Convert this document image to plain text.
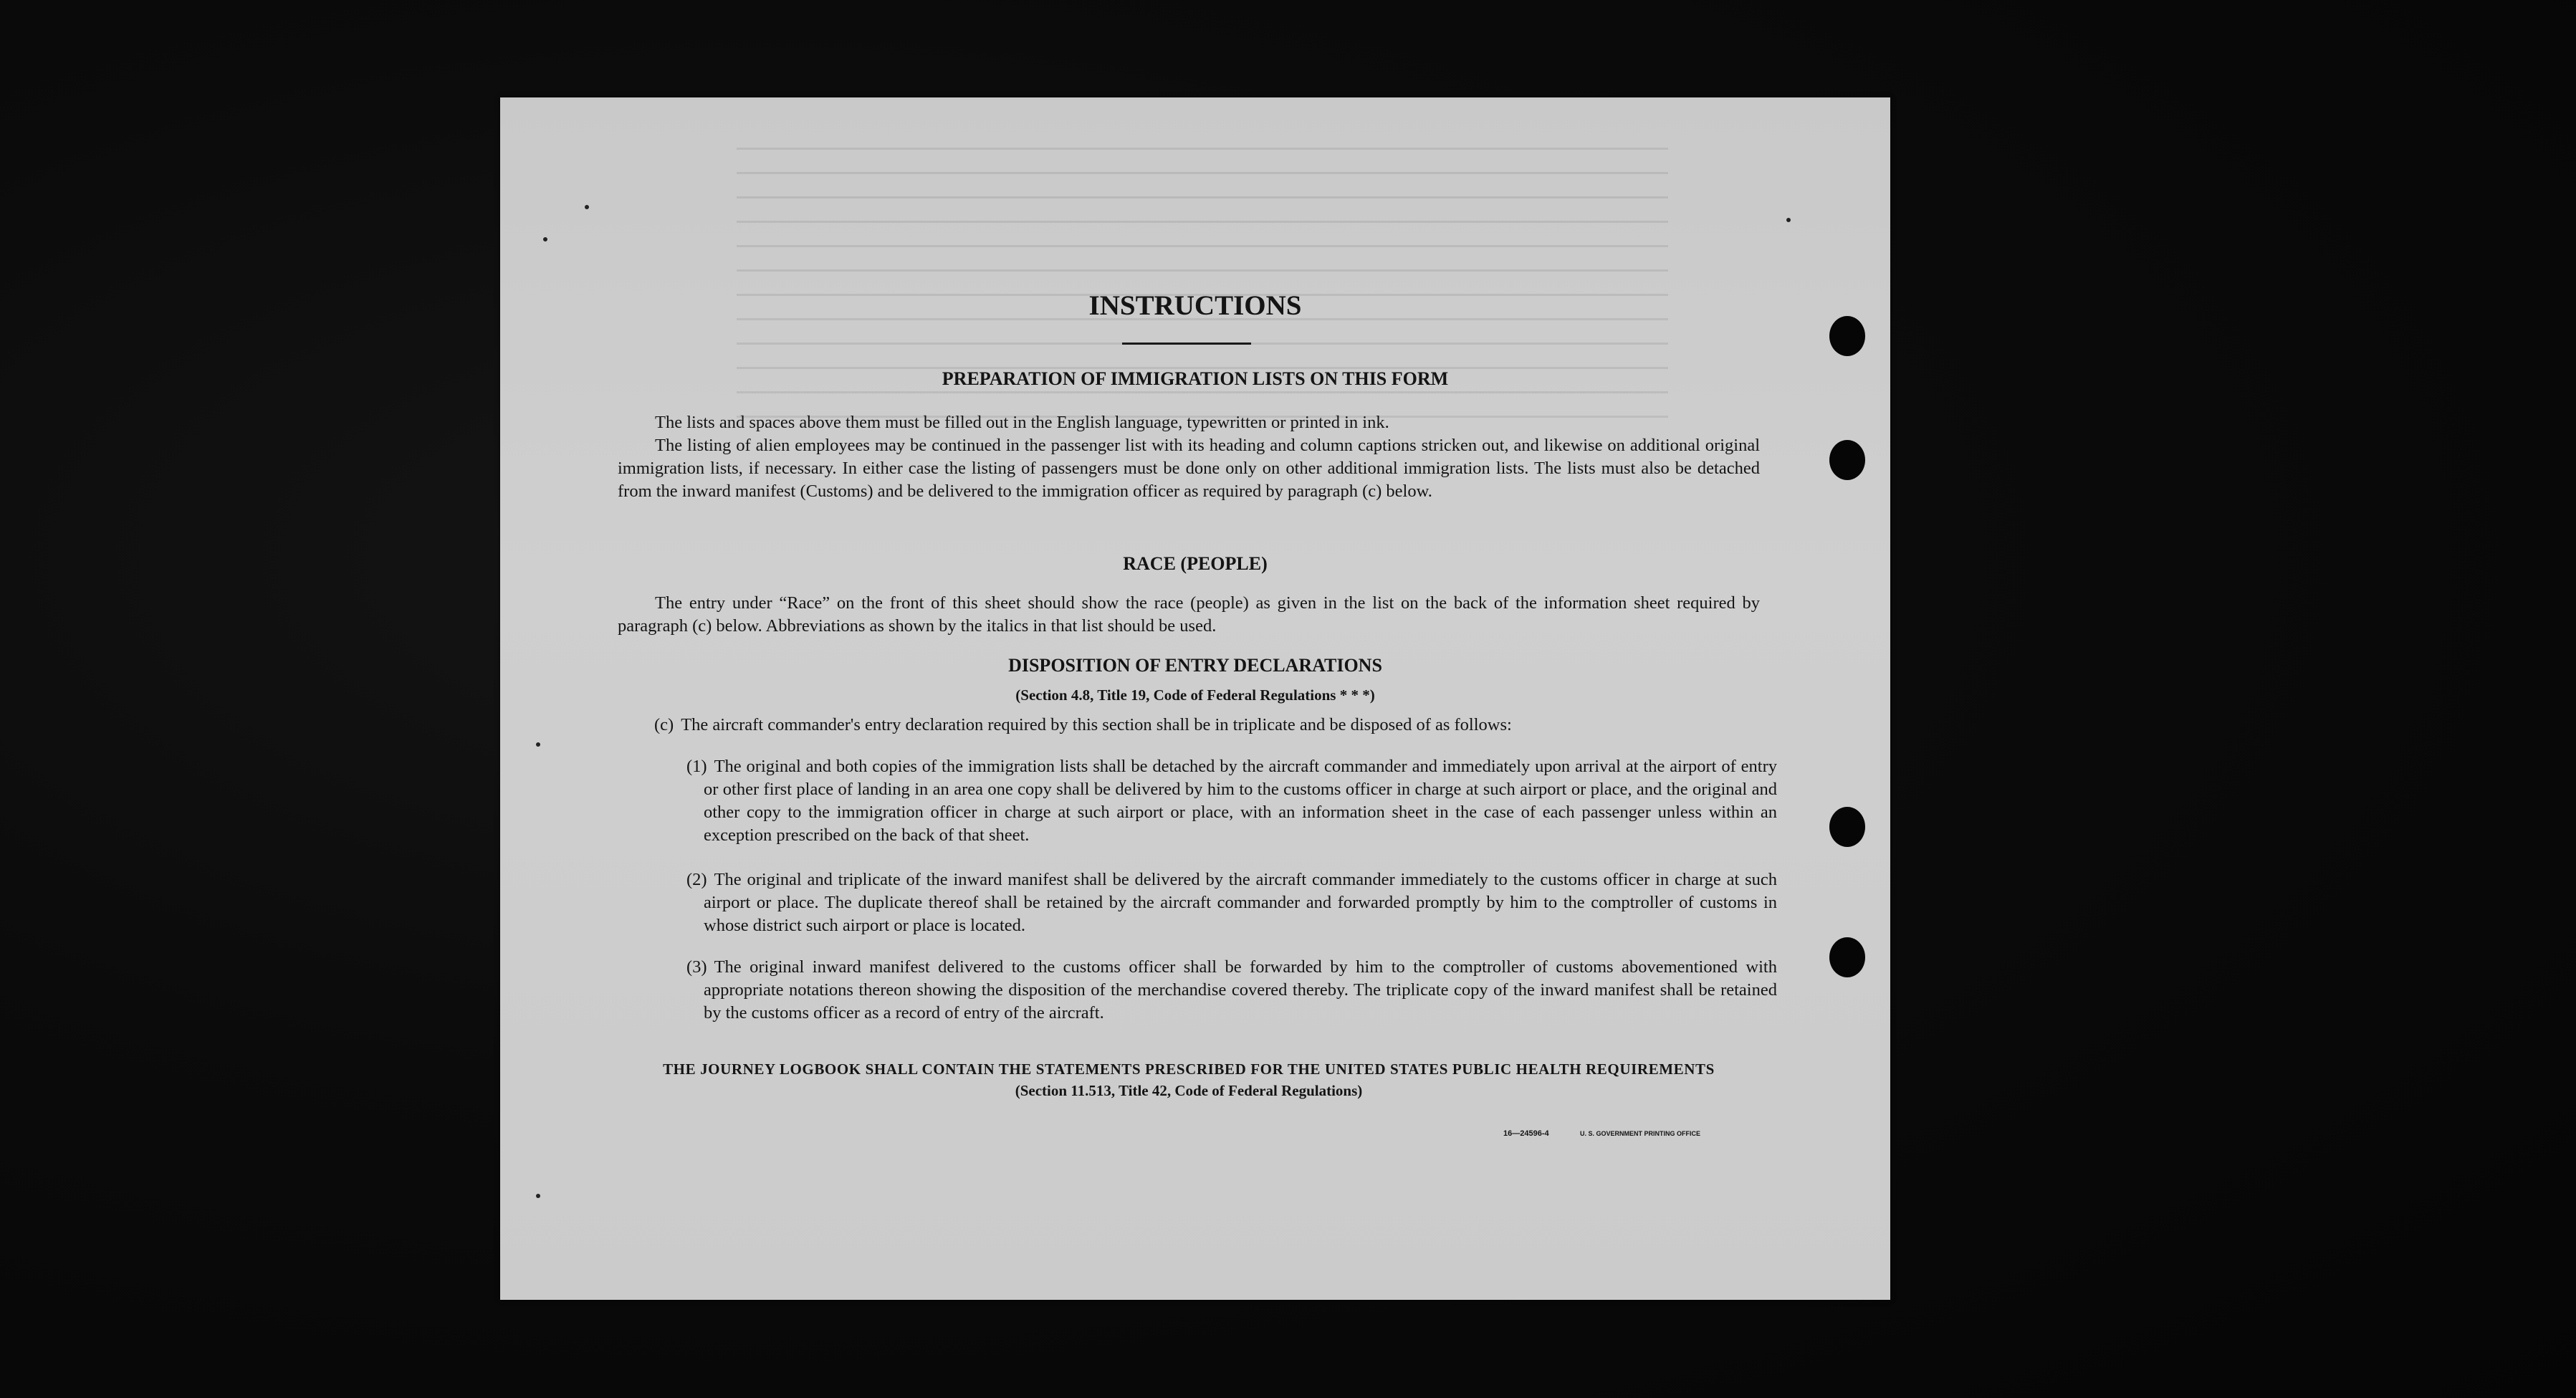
INSTRUCTIONS
PREPARATION OF IMMIGRATION LISTS ON THIS FORM
The lists and spaces above them must be filled out in the English language, typewritten or printed in ink.
The listing of alien employees may be continued in the passenger list with its heading and column captions stricken out, and likewise on additional original immigration lists, if necessary. In either case the listing of passengers must be done only on other additional immigration lists. The lists must also be detached from the inward manifest (Customs) and be delivered to the immigration officer as required by paragraph (c) below.
RACE (PEOPLE)
The entry under “Race” on the front of this sheet should show the race (people) as given in the list on the back of the information sheet required by paragraph (c) below. Abbreviations as shown by the italics in that list should be used.
DISPOSITION OF ENTRY DECLARATIONS
(Section 4.8, Title 19, Code of Federal Regulations * * *)
(c) The aircraft commander's entry declaration required by this section shall be in triplicate and be disposed of as follows:
(1) The original and both copies of the immigration lists shall be detached by the aircraft commander and immediately upon arrival at the airport of entry or other first place of landing in an area one copy shall be delivered by him to the customs officer in charge at such airport or place, and the original and other copy to the immigration officer in charge at such airport or place, with an information sheet in the case of each passenger unless within an exception prescribed on the back of that sheet.
(2) The original and triplicate of the inward manifest shall be delivered by the aircraft commander immediately to the customs officer in charge at such airport or place. The duplicate thereof shall be retained by the aircraft commander and forwarded promptly by him to the comptroller of customs in whose district such airport or place is located.
(3) The original inward manifest delivered to the customs officer shall be forwarded by him to the comptroller of customs abovementioned with appropriate notations thereon showing the disposition of the merchandise covered thereby. The triplicate copy of the inward manifest shall be retained by the customs officer as a record of entry of the aircraft.
THE JOURNEY LOGBOOK SHALL CONTAIN THE STATEMENTS PRESCRIBED FOR THE UNITED STATES PUBLIC HEALTH REQUIREMENTS
(Section 11.513, Title 42, Code of Federal Regulations)
16—24596-4	U. S. GOVERNMENT PRINTING OFFICE
